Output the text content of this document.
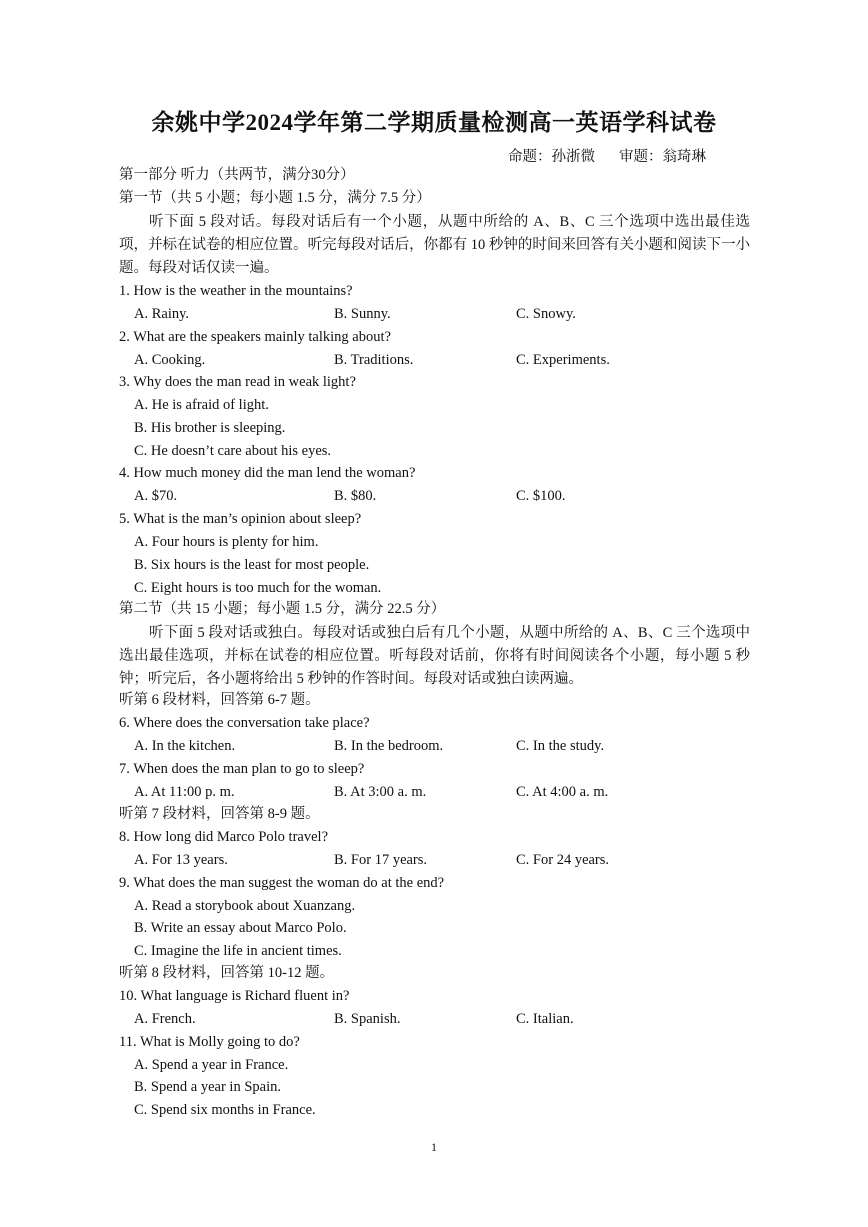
余姚中学2024学年第二学期质量检测高一英语学科试卷
命题：孙浙微 审题：翁琦琳
第一部分 听力（共两节，满分30分）
第一节（共 5 小题；每小题 1.5 分，满分 7.5 分）
听下面 5 段对话。每段对话后有一个小题，从题中所给的 A、B、C 三个选项中选出最佳选项，并标在试卷的相应位置。听完每段对话后，你都有 10 秒钟的时间来回答有关小题和阅读下一小题。每段对话仅读一遍。
1. How is the weather in the mountains?
A. Rainy.	B. Sunny.	C. Snowy.
2. What are the speakers mainly talking about?
A. Cooking.	B. Traditions.	C. Experiments.
3. Why does the man read in weak light?
A. He is afraid of light.
B. His brother is sleeping.
C. He doesn’t care about his eyes.
4. How much money did the man lend the woman?
A. $70.	B. $80.	C. $100.
5. What is the man’s opinion about sleep?
A. Four hours is plenty for him.
B. Six hours is the least for most people.
C. Eight hours is too much for the woman.
第二节（共 15 小题；每小题 1.5 分，满分 22.5 分）
听下面 5 段对话或独白。每段对话或独白后有几个小题，从题中所给的 A、B、C 三个选项中选出最佳选项，并标在试卷的相应位置。听每段对话前，你将有时间阅读各个小题，每小题 5 秒钟；听完后，各小题将给出 5 秒钟的作答时间。每段对话或独白读两遍。
听第 6 段材料，回答第 6-7 题。
6. Where does the conversation take place?
A. In the kitchen.	B. In the bedroom.	C. In the study.
7. When does the man plan to go to sleep?
A. At 11:00 p. m.	B. At 3:00 a. m.	C. At 4:00 a. m.
听第 7 段材料，回答第 8-9 题。
8. How long did Marco Polo travel?
A. For 13 years.	B. For 17 years.	C. For 24 years.
9. What does the man suggest the woman do at the end?
A. Read a storybook about Xuanzang.
B. Write an essay about Marco Polo.
C. Imagine the life in ancient times.
听第 8 段材料，回答第 10-12 题。
10. What language is Richard fluent in?
A. French.	B. Spanish.	C. Italian.
11. What is Molly going to do?
A. Spend a year in France.
B. Spend a year in Spain.
C. Spend six months in France.
1
